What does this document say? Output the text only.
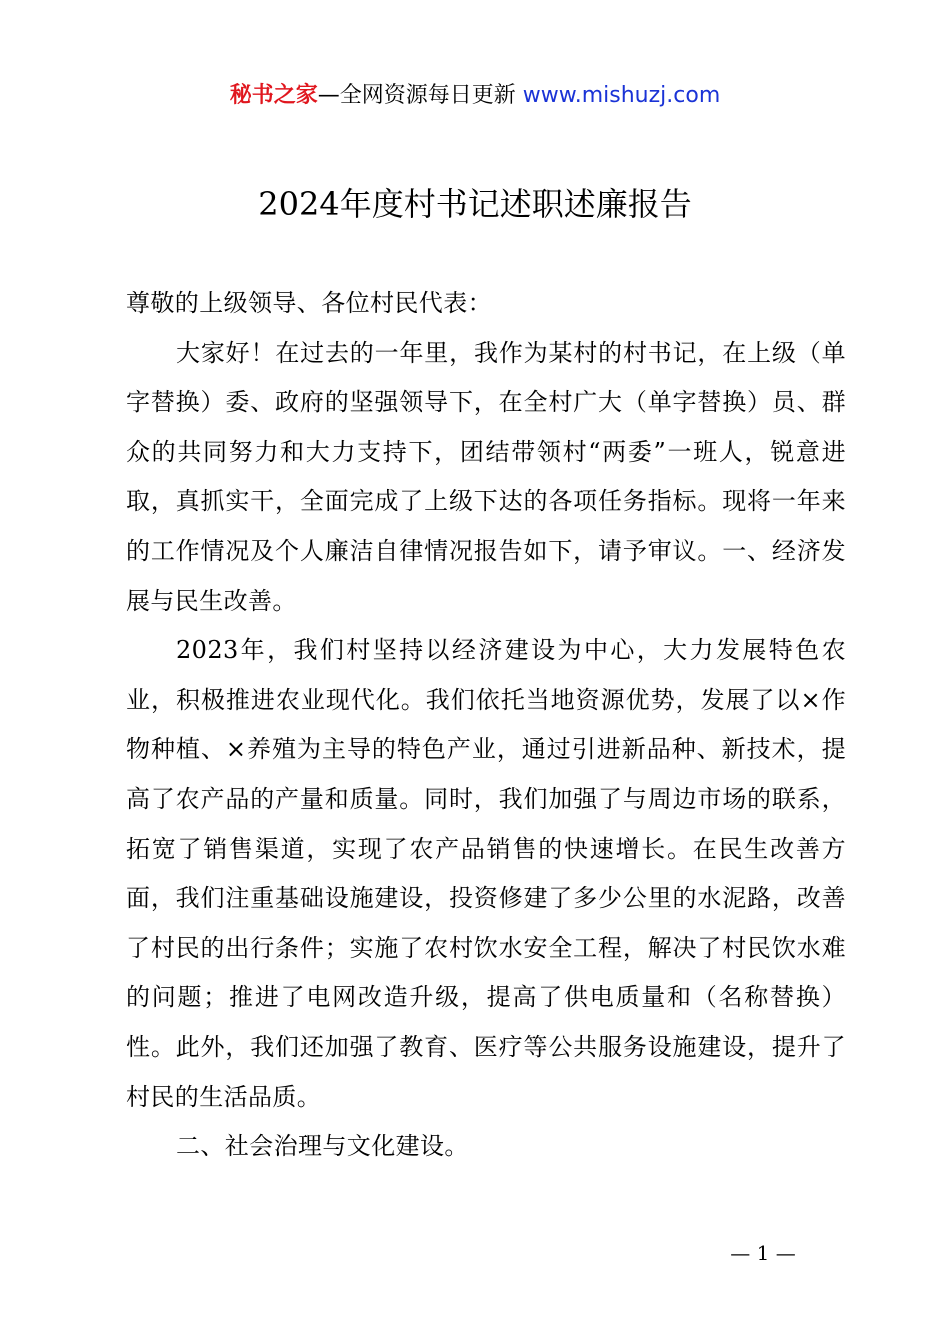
秘书之家—全网资源每日更新 www.mishuzj.com
2024年度村书记述职述廉报告

尊敬的上级领导、各位村民代表：

大家好！在过去的一年里，我作为某村的村书记，在上级（单字替换）委、政府的坚强领导下，在全村广大（单字替换）员、群众的共同努力和大力支持下，团结带领村“两委”一班人，锐意进取，真抓实干，全面完成了上级下达的各项任务指标。现将一年来的工作情况及个人廉洁自律情况报告如下，请予审议。一、经济发展与民生改善。

2023年，我们村坚持以经济建设为中心，大力发展特色农业，积极推进农业现代化。我们依托当地资源优势，发展了以×作物种植、×养殖为主导的特色产业，通过引进新品种、新技术，提高了农产品的产量和质量。同时，我们加强了与周边市场的联系，拓宽了销售渠道，实现了农产品销售的快速增长。在民生改善方面，我们注重基础设施建设，投资修建了多少公里的水泥路，改善了村民的出行条件；实施了农村饮水安全工程，解决了村民饮水难的问题；推进了电网改造升级，提高了供电质量和（名称替换）性。此外，我们还加强了教育、医疗等公共服务设施建设，提升了村民的生活品质。

二、社会治理与文化建设。

— 1 —
